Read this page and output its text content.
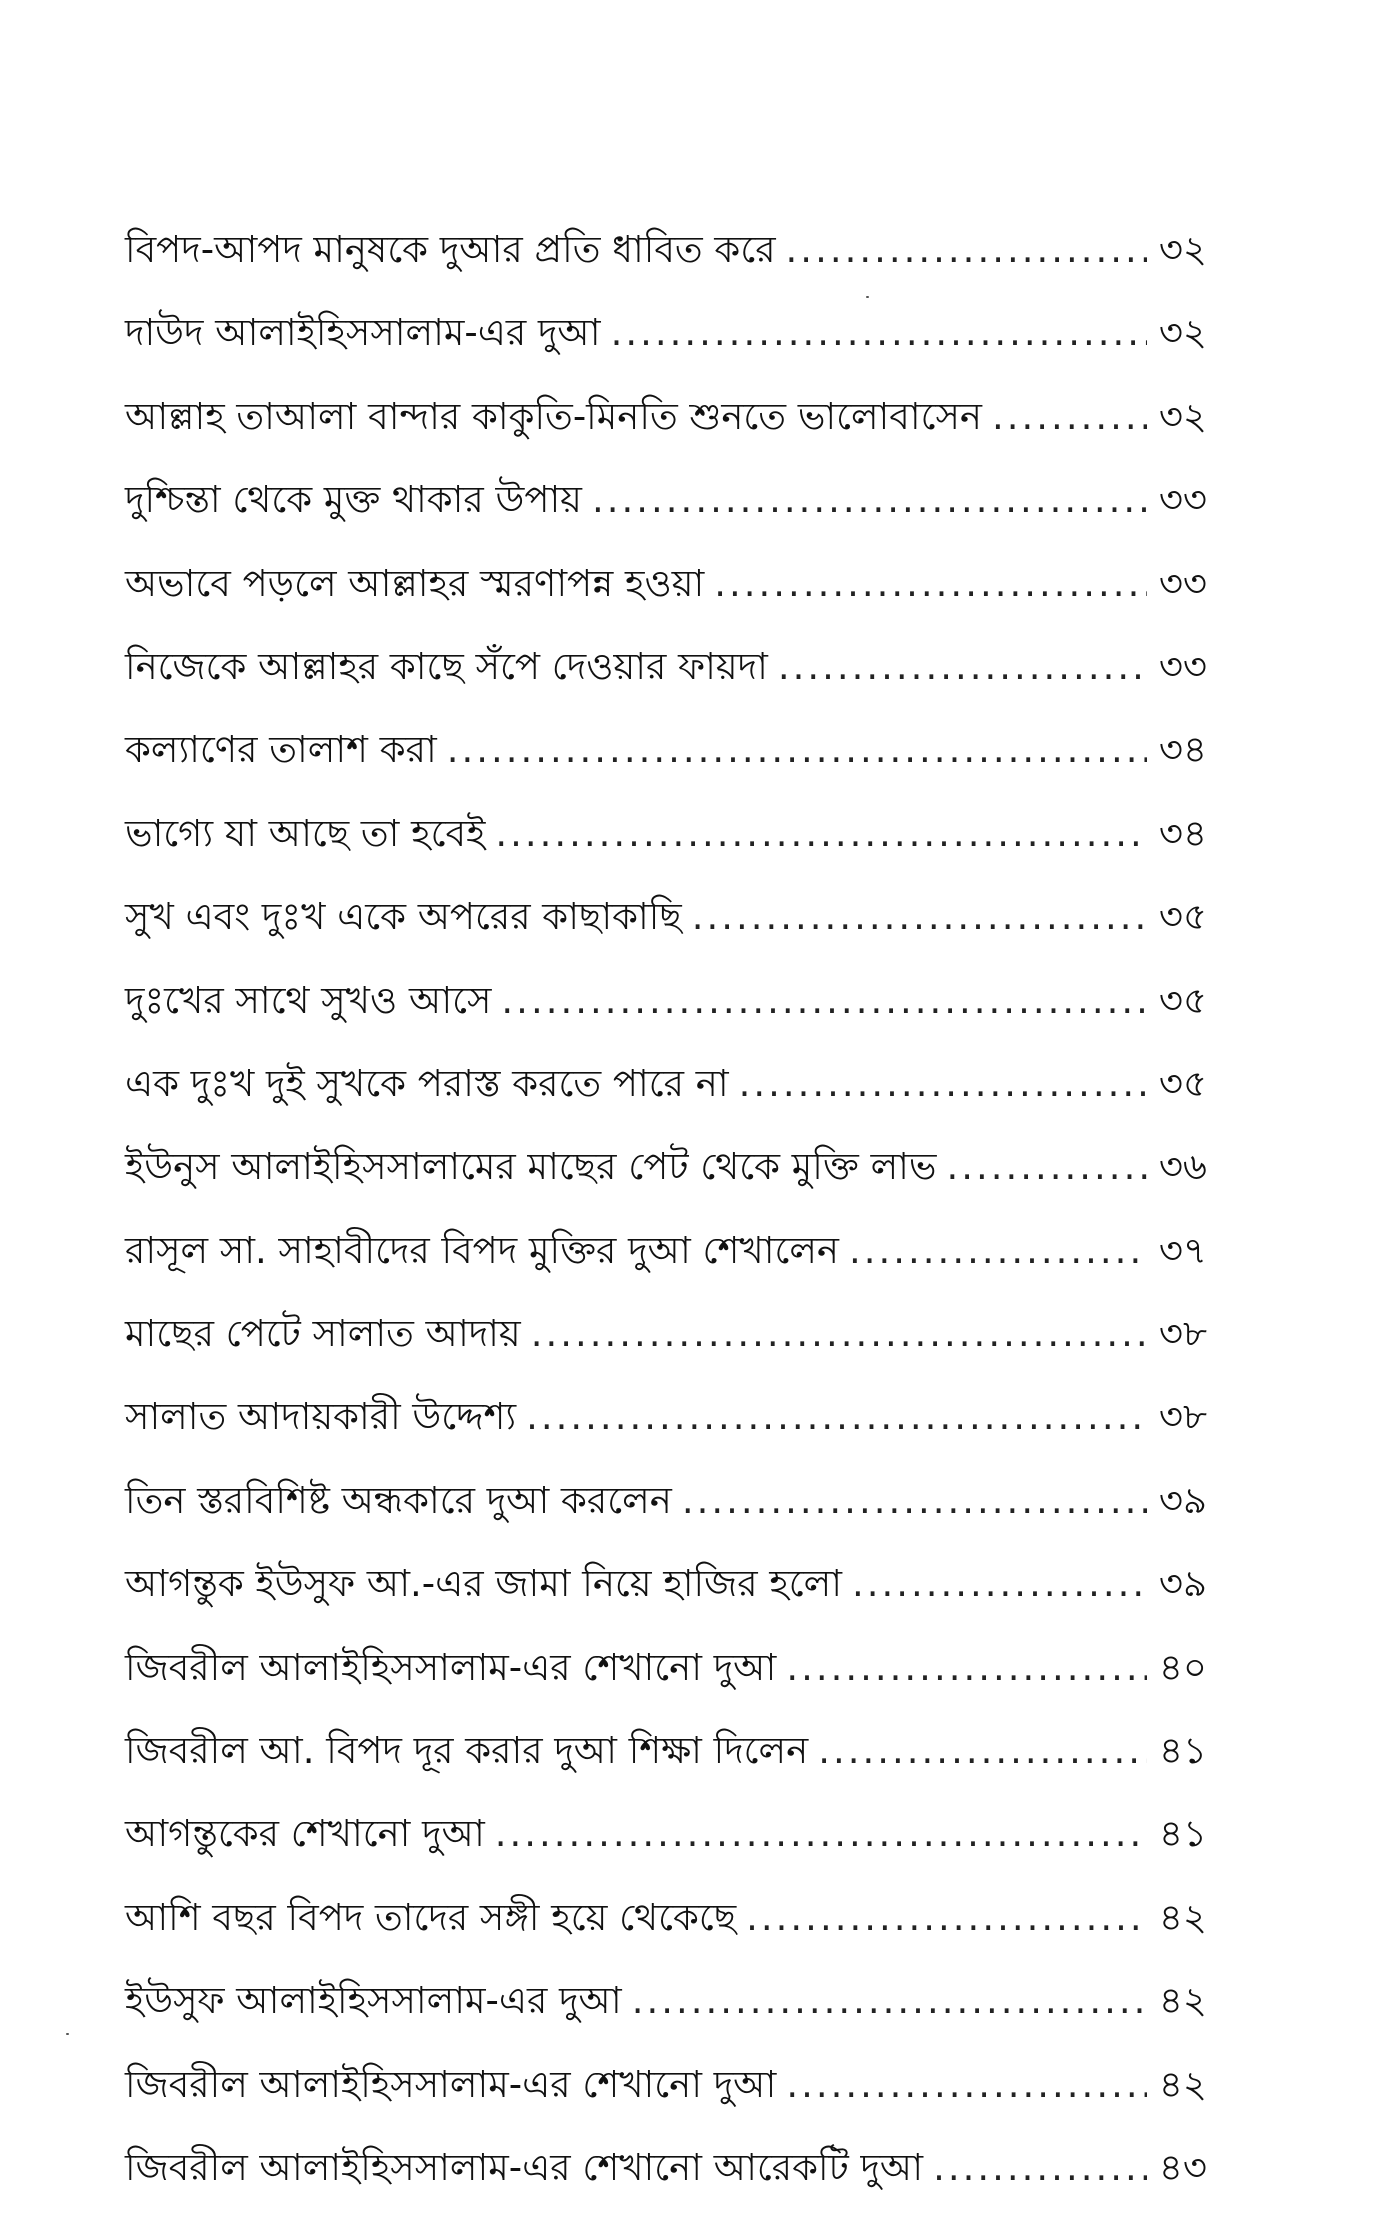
বিপদ-আপদ মানুষকে দুআর প্রতি ধাবিত করে .....	৩২
দাউদ আলাইহিসসালাম-এর দুআ .....	৩২
আল্লাহ তাআলা বান্দার কাকুতি-মিনতি শুনতে ভালোবাসেন .....	৩২
দুশ্চিন্তা থেকে মুক্ত থাকার উপায় .....	৩৩
অভাবে পড়লে আল্লাহর স্মরণাপন্ন হওয়া .....	৩৩
নিজেকে আল্লাহর কাছে সঁপে দেওয়ার ফায়দা .....	৩৩
কল্যাণের তালাশ করা .....	৩৪
ভাগ্যে যা আছে তা হবেই .....	৩৪
সুখ এবং দুঃখ একে অপরের কাছাকাছি .....	৩৫
দুঃখের সাথে সুখও আসে .....	৩৫
এক দুঃখ দুই সুখকে পরাস্ত করতে পারে না .....	৩৫
ইউনুস আলাইহিসসালামের মাছের পেট থেকে মুক্তি লাভ .....	৩৬
রাসূল সা. সাহাবীদের বিপদ মুক্তির দুআ শেখালেন .....	৩৭
মাছের পেটে সালাত আদায় .....	৩৮
সালাত আদায়কারী উদ্দেশ্য .....	৩৮
তিন স্তরবিশিষ্ট অন্ধকারে দুআ করলেন .....	৩৯
আগন্তুক ইউসুফ আ.-এর জামা নিয়ে হাজির হলো .....	৩৯
জিবরীল আলাইহিসসালাম-এর শেখানো দুআ .....	৪০
জিবরীল আ. বিপদ দূর করার দুআ শিক্ষা দিলেন .....	৪১
আগন্তুকের শেখানো দুআ .....	৪১
আশি বছর বিপদ তাদের সঙ্গী হয়ে থেকেছে .....	৪২
ইউসুফ আলাইহিসসালাম-এর দুআ .....	৪২
জিবরীল আলাইহিসসালাম-এর শেখানো দুআ .....	৪২
জিবরীল আলাইহিসসালাম-এর শেখানো আরেকটি দুআ .....	৪৩
